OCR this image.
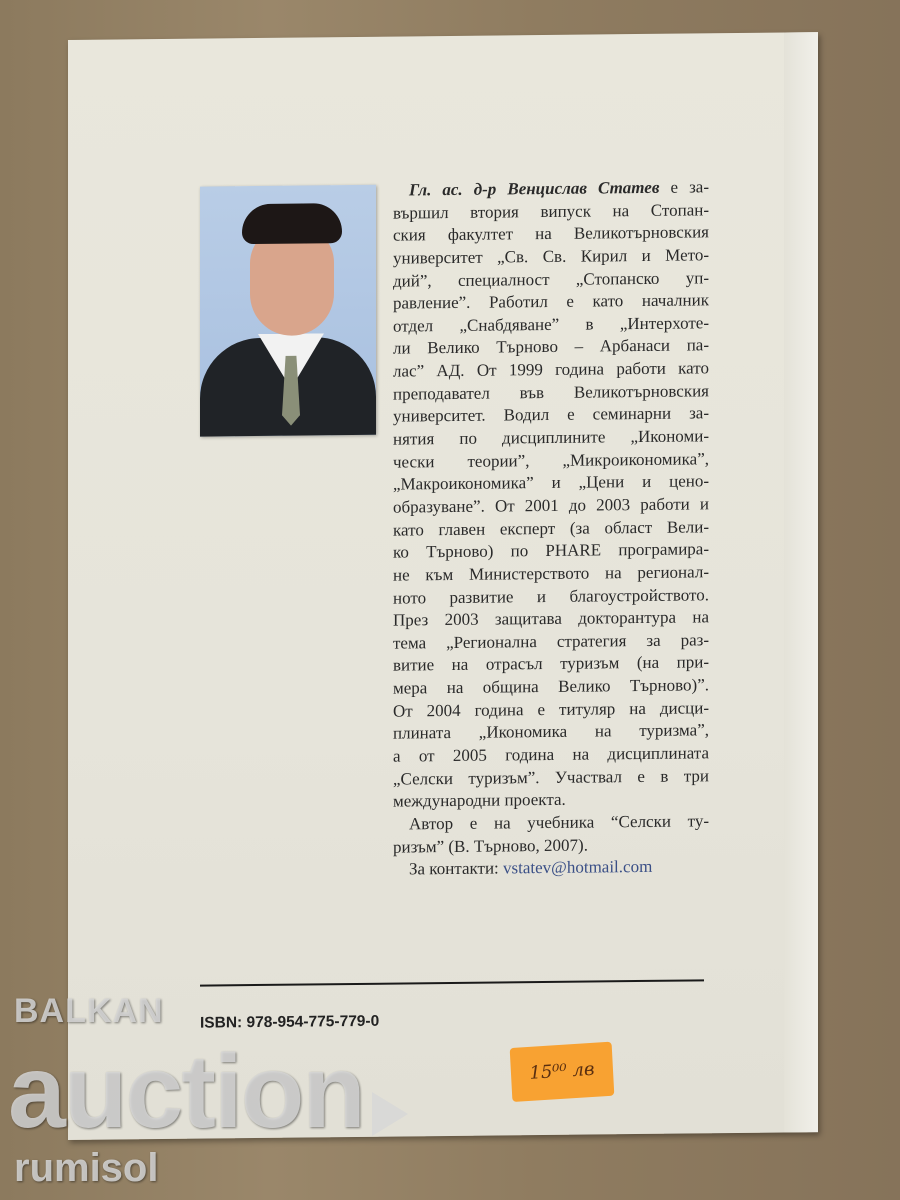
Гл. ас. д-р Венцислав Статев е за-
вършил втория випуск на Стопан-
ския факултет на Великотърновския
университет „Св. Св. Кирил и Мето-
дий”, специалност „Стопанско уп-
равление”. Работил е като началник
отдел „Снабдяване” в „Интерхоте-
ли Велико Търново – Арбанаси па-
лас” АД. От 1999 година работи като
преподавател във Великотърновския
университет. Водил е семинарни за-
нятия по дисциплините „Икономи-
чески теории”, „Микроикономика”,
„Макроикономика” и „Цени и цено-
образуване”. От 2001 до 2003 работи и
като главен експерт (за област Вели-
ко Търново) по PHARE програмира-
не към Министерството на регионал-
ното развитие и благоустройството.
През 2003 защитава докторантура на
тема „Регионална стратегия за раз-
витие на отрасъл туризъм (на при-
мера на община Велико Търново)”.
От 2004 година е титуляр на дисци-
плината „Икономика на туризма”,
а от 2005 година на дисциплината
„Селски туризъм”. Участвал е в три
международни проекта.
Автор е на учебника “Селски ту-
ризъм” (В. Търново, 2007).
За контакти: vstatev@hotmail.com
ISBN: 978-954-775-779-0
15⁰⁰ лв
BALKAN
auction
rumisol
